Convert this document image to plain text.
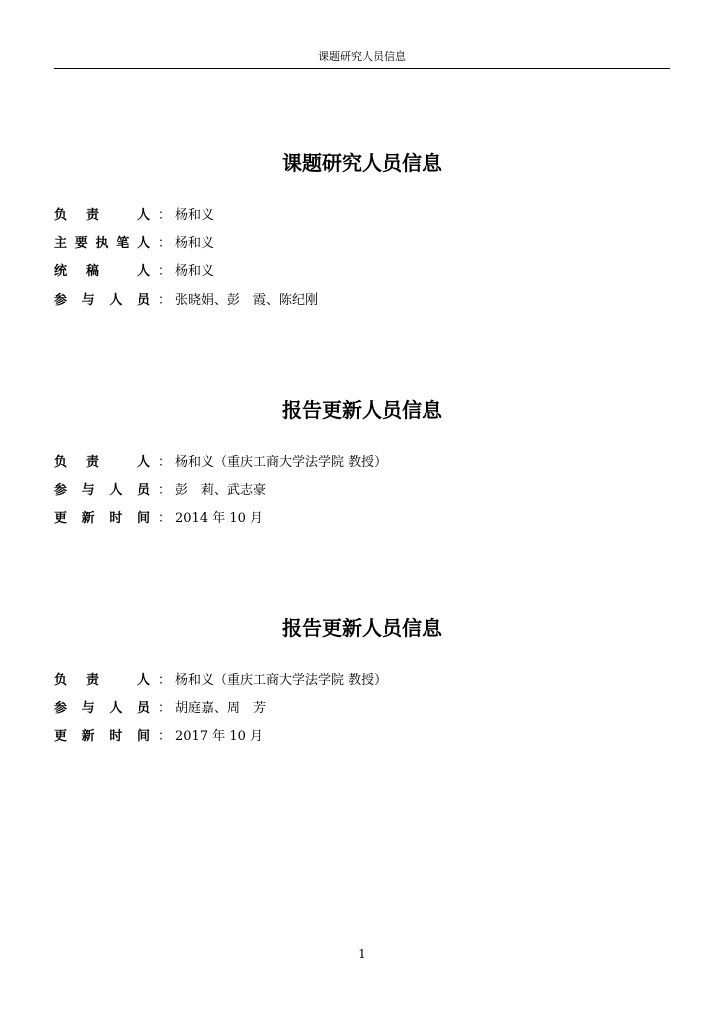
课题研究人员信息
课题研究人员信息
负 责	人 ： 杨和义
主 要 执 笔 人 ： 杨和义
统 稿	人 ： 杨和义
参 与 人 员 ： 张晓娟、彭　霞、陈纪刚
报告更新人员信息
负 责	人 ： 杨和义（重庆工商大学法学院 教授）
参 与 人 员 ： 彭　莉、武志豪
更 新 时 间 ： 2014 年 10 月
报告更新人员信息
负 责	人 ： 杨和义（重庆工商大学法学院 教授）
参 与 人 员 ： 胡庭嘉、周　芳
更 新 时 间 ： 2017 年 10 月
1
